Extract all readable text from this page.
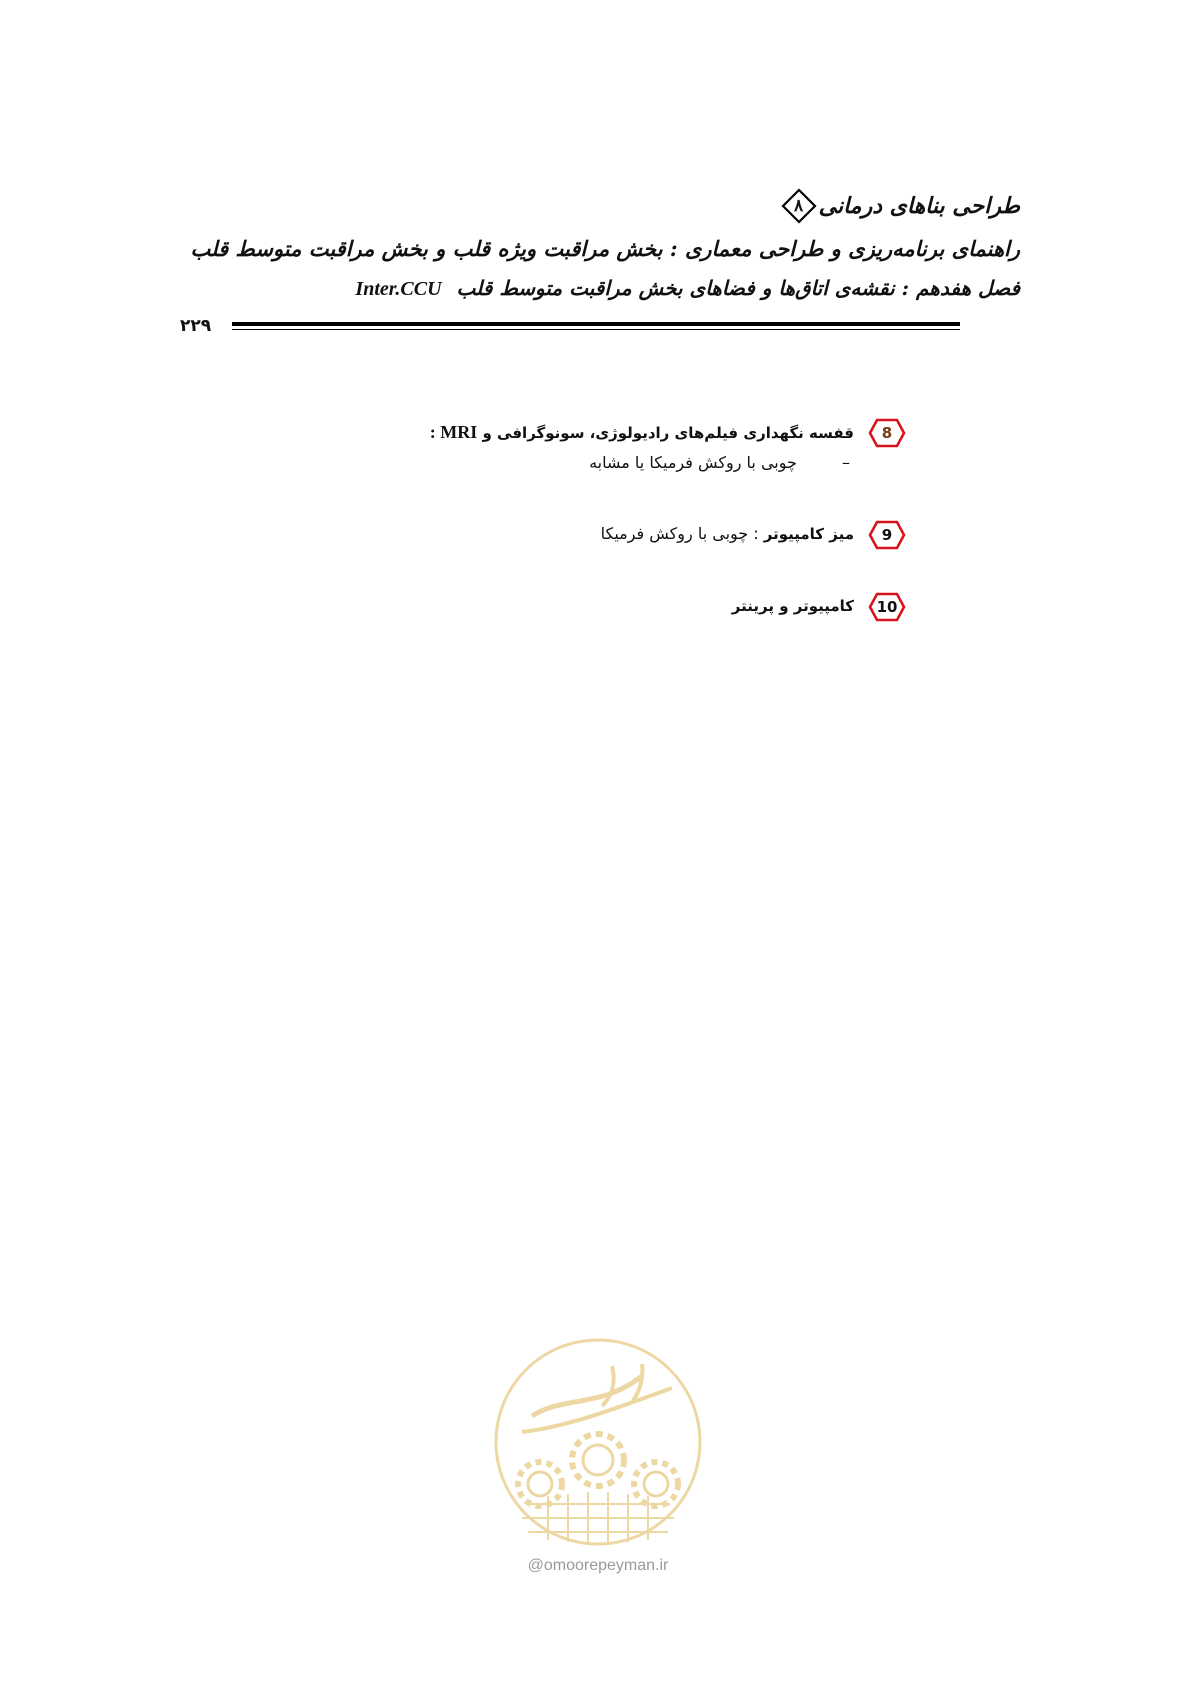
طراحی بناهای درمانی
۸
راهنمای برنامه‌ریزی و طراحی معماری : بخش مراقبت ویژه قلب و بخش مراقبت متوسط قلب
فصل هفدهم : نقشه‌ی اتاق‌ها و فضاهای بخش مراقبت متوسط قلب Inter.CCU
۲۲۹
8
قفسه نگهداری فیلم‌های رادیولوژی، سونوگرافی و MRI :
– چوبی با روکش فرمیکا یا مشابه
9
میز کامپیوتر : چوبی با روکش فرمیکا
10
کامپیوتر و پرینتر
@omoorepeyman.ir
